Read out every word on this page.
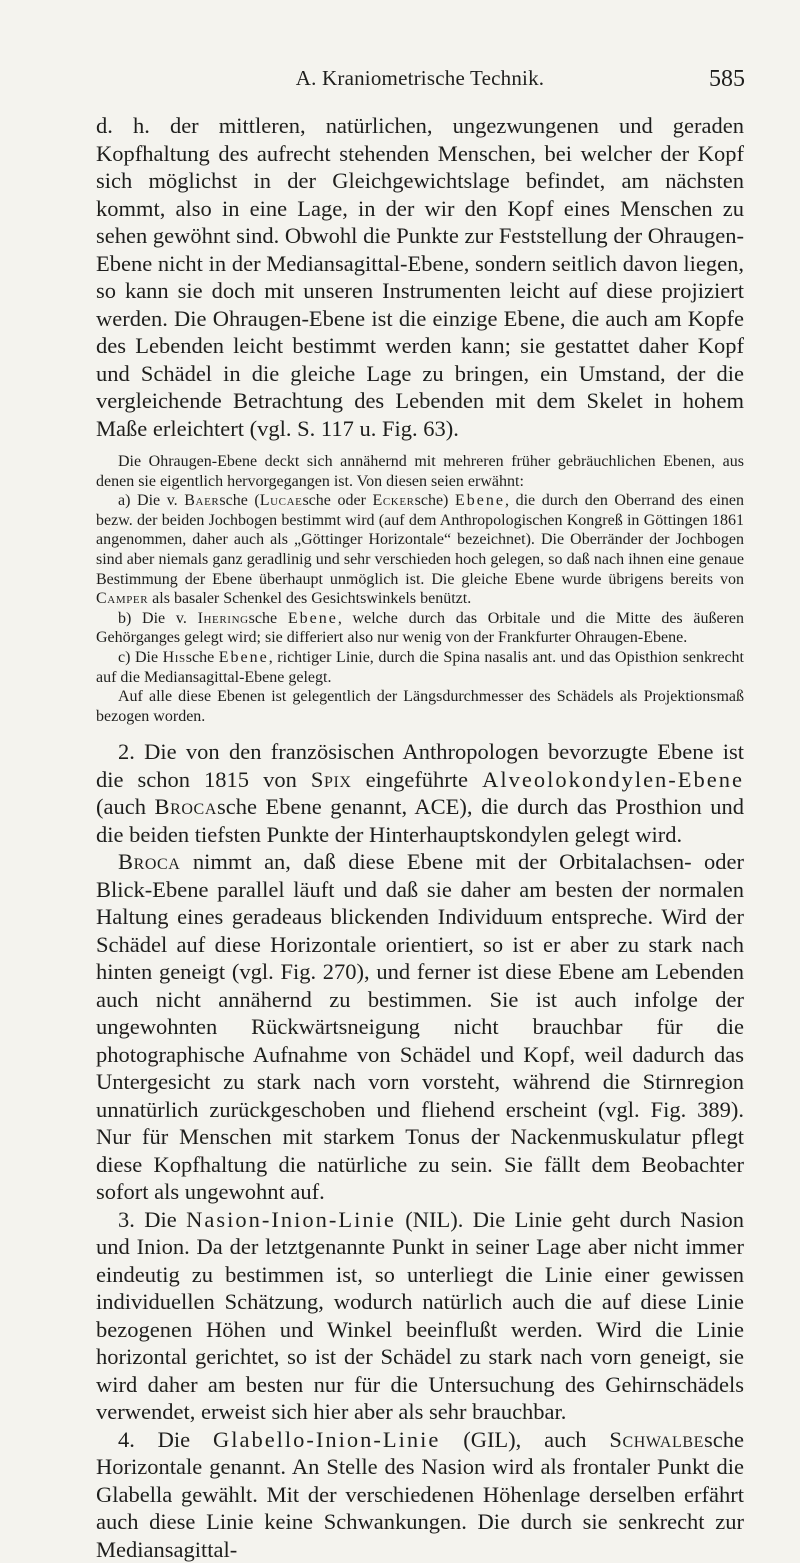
A. Kraniometrische Technik.	585

d. h. der mittleren, natürlichen, ungezwungenen und geraden Kopfhaltung des aufrecht stehenden Menschen, bei welcher der Kopf sich möglichst in der Gleichgewichtslage befindet, am nächsten kommt, also in eine Lage, in der wir den Kopf eines Menschen zu sehen gewöhnt sind. Obwohl die Punkte zur Feststellung der Ohraugen-Ebene nicht in der Mediansagittal-Ebene, sondern seitlich davon liegen, so kann sie doch mit unseren Instrumenten leicht auf diese projiziert werden. Die Ohraugen-Ebene ist die einzige Ebene, die auch am Kopfe des Lebenden leicht bestimmt werden kann; sie gestattet daher Kopf und Schädel in die gleiche Lage zu bringen, ein Umstand, der die vergleichende Betrachtung des Lebenden mit dem Skelet in hohem Maße erleichtert (vgl. S. 117 u. Fig. 63).

Die Ohraugen-Ebene deckt sich annähernd mit mehreren früher gebräuchlichen Ebenen, aus denen sie eigentlich hervorgegangen ist. Von diesen seien erwähnt:

a) Die v. Baersche (Lucaesche oder Eckersche) Ebene, die durch den Oberrand des einen bezw. der beiden Jochbogen bestimmt wird (auf dem Anthropologischen Kongreß in Göttingen 1861 angenommen, daher auch als „Göttinger Horizontale“ bezeichnet). Die Oberränder der Jochbogen sind aber niemals ganz geradlinig und sehr verschieden hoch gelegen, so daß nach ihnen eine genaue Bestimmung der Ebene überhaupt unmöglich ist. Die gleiche Ebene wurde übrigens bereits von Camper als basaler Schenkel des Gesichtswinkels benützt.

b) Die v. Iheringsche Ebene, welche durch das Orbitale und die Mitte des äußeren Gehörganges gelegt wird; sie differiert also nur wenig von der Frankfurter Ohraugen-Ebene.

c) Die Hissche Ebene, richtiger Linie, durch die Spina nasalis ant. und das Opisthion senkrecht auf die Mediansagittal-Ebene gelegt.

Auf alle diese Ebenen ist gelegentlich der Längsdurchmesser des Schädels als Projektionsmaß bezogen worden.

2. Die von den französischen Anthropologen bevorzugte Ebene ist die schon 1815 von Spix eingeführte Alveolokondylen-Ebene (auch Brocasche Ebene genannt, ACE), die durch das Prosthion und die beiden tiefsten Punkte der Hinterhauptskondylen gelegt wird.

Broca nimmt an, daß diese Ebene mit der Orbitalachsen- oder Blick-Ebene parallel läuft und daß sie daher am besten der normalen Haltung eines geradeaus blickenden Individuum entspreche. Wird der Schädel auf diese Horizontale orientiert, so ist er aber zu stark nach hinten geneigt (vgl. Fig. 270), und ferner ist diese Ebene am Lebenden auch nicht annähernd zu bestimmen. Sie ist auch infolge der ungewohnten Rückwärtsneigung nicht brauchbar für die photographische Aufnahme von Schädel und Kopf, weil dadurch das Untergesicht zu stark nach vorn vorsteht, während die Stirnregion unnatürlich zurückgeschoben und fliehend erscheint (vgl. Fig. 389). Nur für Menschen mit starkem Tonus der Nackenmuskulatur pflegt diese Kopfhaltung die natürliche zu sein. Sie fällt dem Beobachter sofort als ungewohnt auf.

3. Die Nasion-Inion-Linie (NIL). Die Linie geht durch Nasion und Inion. Da der letztgenannte Punkt in seiner Lage aber nicht immer eindeutig zu bestimmen ist, so unterliegt die Linie einer gewissen individuellen Schätzung, wodurch natürlich auch die auf diese Linie bezogenen Höhen und Winkel beeinflußt werden. Wird die Linie horizontal gerichtet, so ist der Schädel zu stark nach vorn geneigt, sie wird daher am besten nur für die Untersuchung des Gehirnschädels verwendet, erweist sich hier aber als sehr brauchbar.

4. Die Glabello-Inion-Linie (GIL), auch Schwalbesche Horizontale genannt. An Stelle des Nasion wird als frontaler Punkt die Glabella gewählt. Mit der verschiedenen Höhenlage derselben erfährt auch diese Linie keine Schwankungen. Die durch sie senkrecht zur Mediansagittal-
